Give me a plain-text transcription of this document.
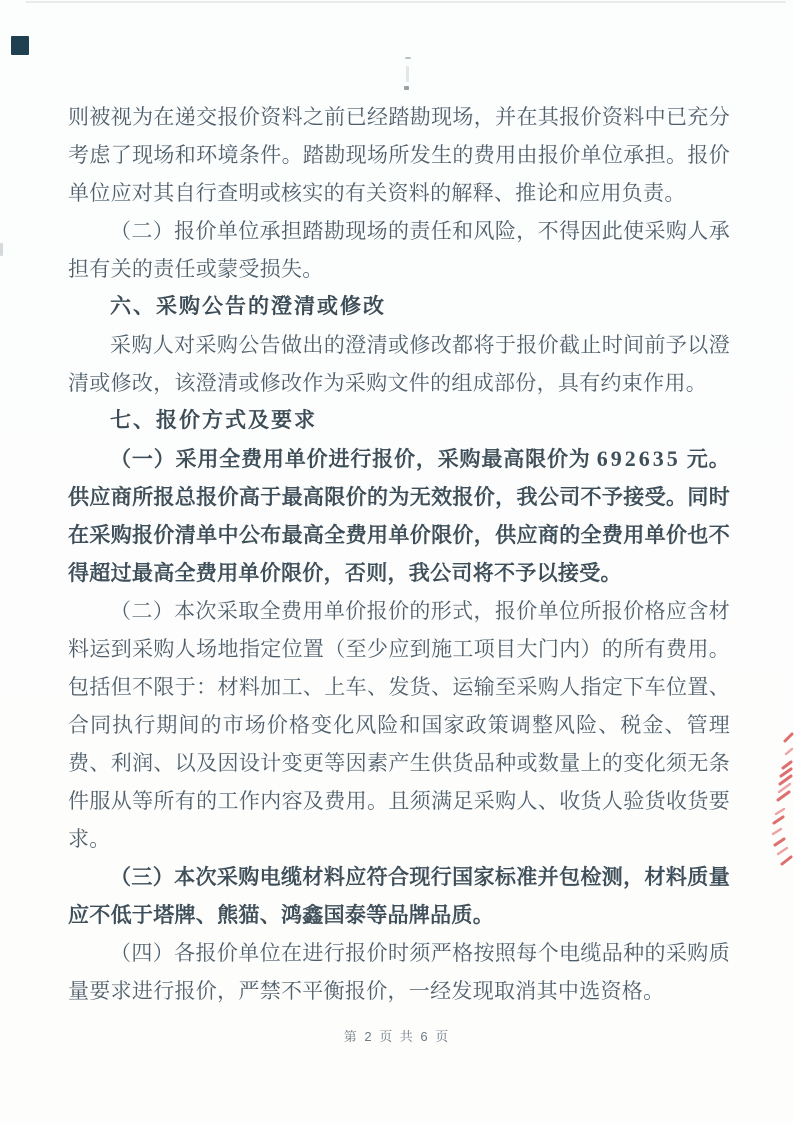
则被视为在递交报价资料之前已经踏勘现场，并在其报价资料中已充分考虑了现场和环境条件。踏勘现场所发生的费用由报价单位承担。报价单位应对其自行查明或核实的有关资料的解释、推论和应用负责。

（二）报价单位承担踏勘现场的责任和风险，不得因此使采购人承担有关的责任或蒙受损失。

六、采购公告的澄清或修改

采购人对采购公告做出的澄清或修改都将于报价截止时间前予以澄清或修改，该澄清或修改作为采购文件的组成部份，具有约束作用。

七、报价方式及要求

（一）采用全费用单价进行报价，采购最高限价为 692635 元。供应商所报总报价高于最高限价的为无效报价，我公司不予接受。同时在采购报价清单中公布最高全费用单价限价，供应商的全费用单价也不得超过最高全费用单价限价，否则，我公司将不予以接受。

（二）本次采取全费用单价报价的形式，报价单位所报价格应含材料运到采购人场地指定位置（至少应到施工项目大门内）的所有费用。包括但不限于：材料加工、上车、发货、运输至采购人指定下车位置、合同执行期间的市场价格变化风险和国家政策调整风险、税金、管理费、利润、以及因设计变更等因素产生供货品种或数量上的变化须无条件服从等所有的工作内容及费用。且须满足采购人、收货人验货收货要求。

（三）本次采购电缆材料应符合现行国家标准并包检测，材料质量应不低于塔牌、熊猫、鸿鑫国泰等品牌品质。

（四）各报价单位在进行报价时须严格按照每个电缆品种的采购质量要求进行报价，严禁不平衡报价，一经发现取消其中选资格。

第 2 页 共 6 页
